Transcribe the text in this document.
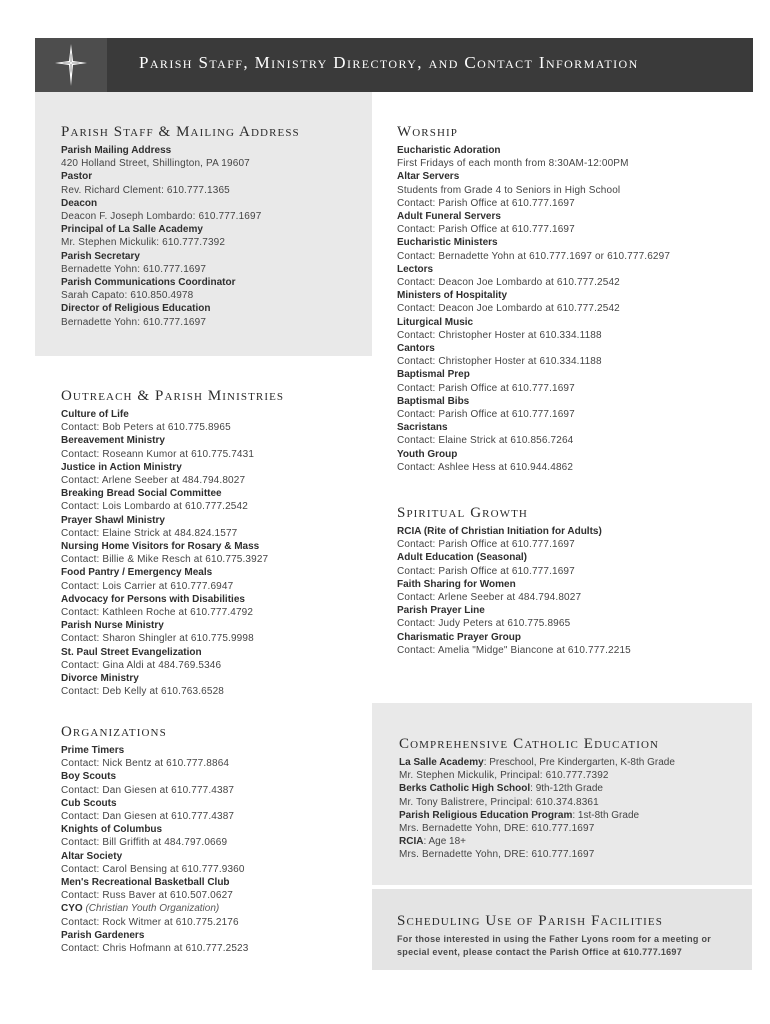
Parish Staff, Ministry Directory, and Contact Information
Parish Staff & Mailing Address
Parish Mailing Address
420 Holland Street, Shillington, PA 19607
Pastor
Rev. Richard Clement: 610.777.1365
Deacon
Deacon F. Joseph Lombardo: 610.777.1697
Principal of La Salle Academy
Mr. Stephen Mickulik: 610.777.7392
Parish Secretary
Bernadette Yohn: 610.777.1697
Parish Communications Coordinator
Sarah Capato: 610.850.4978
Director of Religious Education
Bernadette Yohn: 610.777.1697
Outreach & Parish Ministries
Culture of Life
Contact: Bob Peters at 610.775.8965
Bereavement Ministry
Contact: Roseann Kumor at 610.775.7431
Justice in Action Ministry
Contact: Arlene Seeber at 484.794.8027
Breaking Bread Social Committee
Contact: Lois Lombardo at 610.777.2542
Prayer Shawl Ministry
Contact: Elaine Strick at 484.824.1577
Nursing Home Visitors for Rosary & Mass
Contact: Billie & Mike Resch at 610.775.3927
Food Pantry / Emergency Meals
Contact: Lois Carrier at 610.777.6947
Advocacy for Persons with Disabilities
Contact: Kathleen Roche at 610.777.4792
Parish Nurse Ministry
Contact: Sharon Shingler at 610.775.9998
St. Paul Street Evangelization
Contact: Gina Aldi at 484.769.5346
Divorce Ministry
Contact: Deb Kelly at 610.763.6528
Organizations
Prime Timers
Contact: Nick Bentz at 610.777.8864
Boy Scouts
Contact: Dan Giesen at 610.777.4387
Cub Scouts
Contact: Dan Giesen at 610.777.4387
Knights of Columbus
Contact: Bill Griffith at 484.797.0669
Altar Society
Contact: Carol Bensing at 610.777.9360
Men's Recreational Basketball Club
Contact: Russ Baver at 610.507.0627
CYO (Christian Youth Organization)
Contact: Rock Witmer at 610.775.2176
Parish Gardeners
Contact: Chris Hofmann at 610.777.2523
Worship
Eucharistic Adoration
First Fridays of each month from 8:30AM-12:00PM
Altar Servers
Students from Grade 4 to Seniors in High School
Contact: Parish Office at 610.777.1697
Adult Funeral Servers
Contact: Parish Office at 610.777.1697
Eucharistic Ministers
Contact: Bernadette Yohn at 610.777.1697 or 610.777.6297
Lectors
Contact: Deacon Joe Lombardo at 610.777.2542
Ministers of Hospitality
Contact: Deacon Joe Lombardo at 610.777.2542
Liturgical Music
Contact: Christopher Hoster at 610.334.1188
Cantors
Contact: Christopher Hoster at 610.334.1188
Baptismal Prep
Contact: Parish Office at 610.777.1697
Baptismal Bibs
Contact: Parish Office at 610.777.1697
Sacristans
Contact: Elaine Strick at 610.856.7264
Youth Group
Contact: Ashlee Hess at 610.944.4862
Spiritual Growth
RCIA (Rite of Christian Initiation for Adults)
Contact: Parish Office at 610.777.1697
Adult Education (Seasonal)
Contact: Parish Office at 610.777.1697
Faith Sharing for Women
Contact: Arlene Seeber at 484.794.8027
Parish Prayer Line
Contact: Judy Peters at 610.775.8965
Charismatic Prayer Group
Contact: Amelia "Midge" Biancone at 610.777.2215
Comprehensive Catholic Education
La Salle Academy: Preschool, Pre Kindergarten, K-8th Grade
Mr. Stephen Mickulik, Principal: 610.777.7392
Berks Catholic High School: 9th-12th Grade
Mr. Tony Balistrere, Principal: 610.374.8361
Parish Religious Education Program: 1st-8th Grade
Mrs. Bernadette Yohn, DRE: 610.777.1697
RCIA: Age 18+
Mrs. Bernadette Yohn, DRE: 610.777.1697
Scheduling Use of Parish Facilities
For those interested in using the Father Lyons room for a meeting or special event, please contact the Parish Office at 610.777.1697
